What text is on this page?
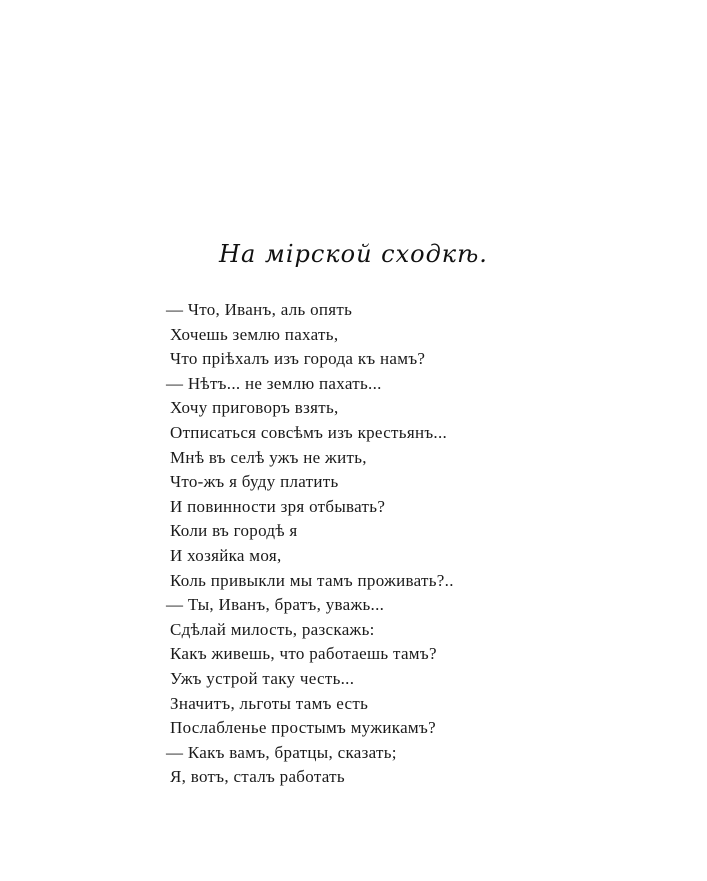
На мірской сходкѣ.
— Что, Иванъ, аль опять
Хочешь землю пахать,
Что пріѣхалъ изъ города къ намъ?
— Нѣтъ... не землю пахать...
Хочу приговоръ взять,
Отписаться совсѣмъ изъ крестьянъ...
Мнѣ въ селѣ ужъ не жить,
Что-жъ я буду платить
И повинности зря отбывать?
Коли въ городѣ я
И хозяйка моя,
Коль привыкли мы тамъ проживать?..
— Ты, Иванъ, братъ, уважь...
Сдѣлай милость, разскажь:
Какъ живешь, что работаешь тамъ?
Ужъ устрой таку честь...
Значитъ, льготы тамъ есть
Послабленье простымъ мужикамъ?
— Какъ вамъ, братцы, сказать;
Я, вотъ, сталъ работать
